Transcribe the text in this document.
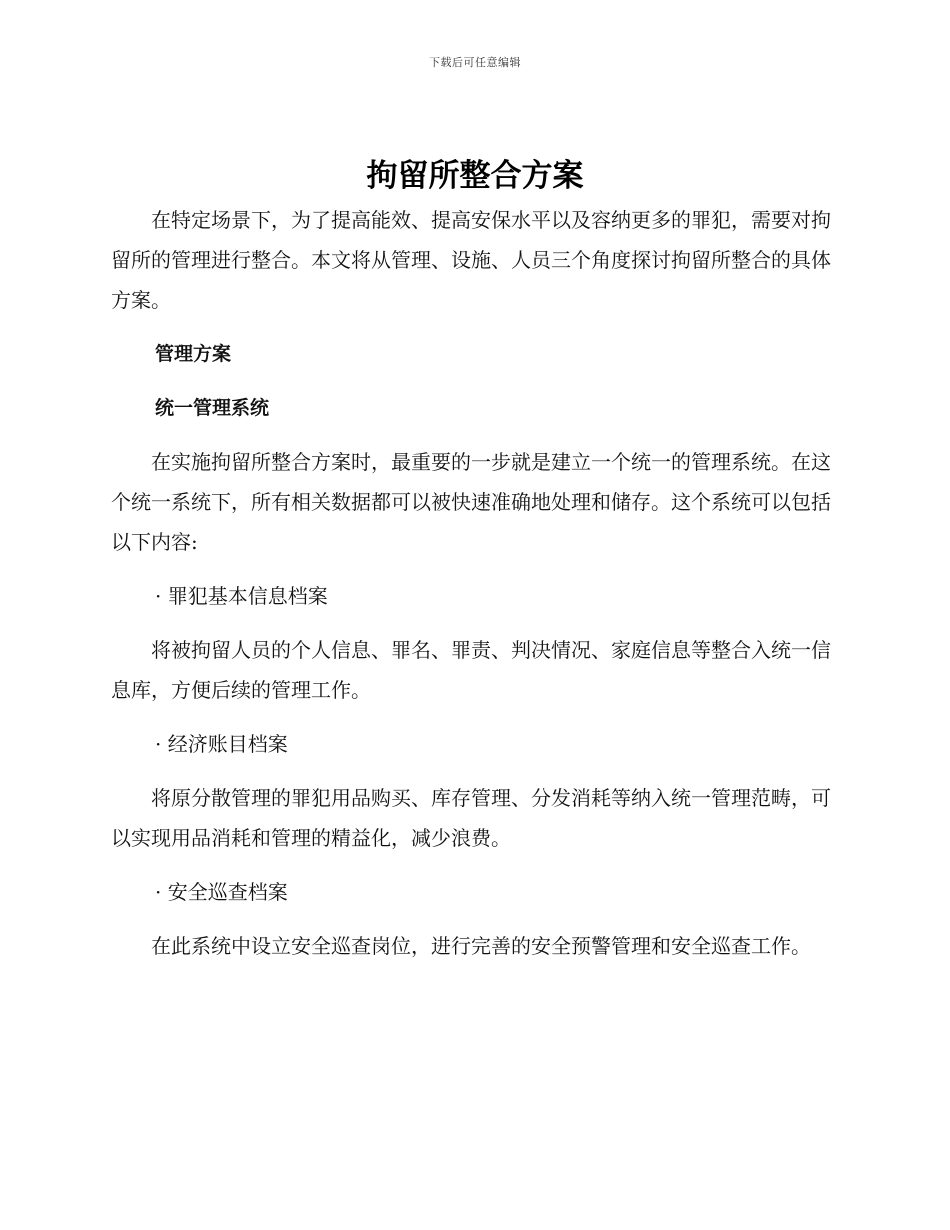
下载后可任意编辑
拘留所整合方案

在特定场景下，为了提高能效、提高安保水平以及容纳更多的罪犯，需要对拘留所的管理进行整合。本文将从管理、设施、人员三个角度探讨拘留所整合的具体方案。

管理方案

统一管理系统

在实施拘留所整合方案时，最重要的一步就是建立一个统一的管理系统。在这个统一系统下，所有相关数据都可以被快速准确地处理和储存。这个系统可以包括以下内容:

· 罪犯基本信息档案

将被拘留人员的个人信息、罪名、罪责、判决情况、家庭信息等整合入统一信息库，方便后续的管理工作。

· 经济账目档案

将原分散管理的罪犯用品购买、库存管理、分发消耗等纳入统一管理范畴，可以实现用品消耗和管理的精益化，减少浪费。

· 安全巡查档案

在此系统中设立安全巡查岗位，进行完善的安全预警管理和安全巡查工作。
